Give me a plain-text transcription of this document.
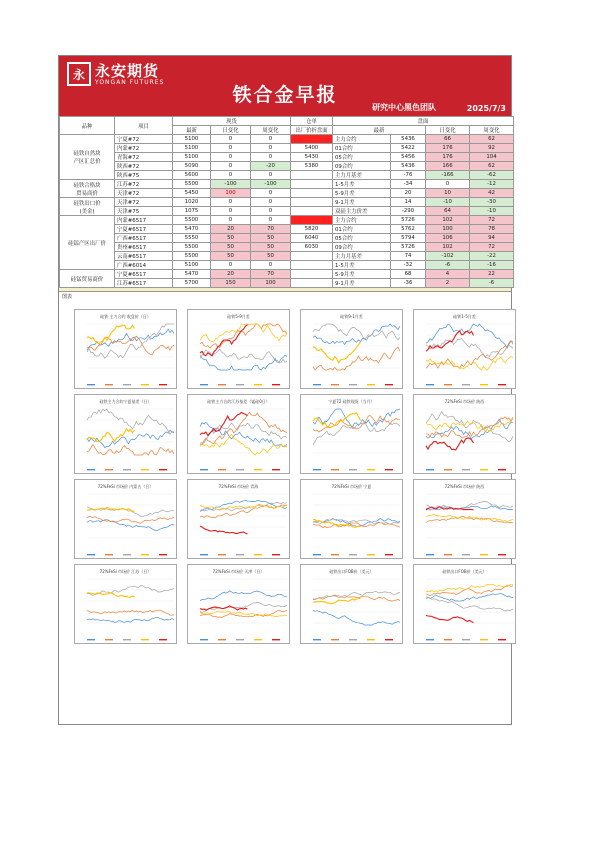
永 永安期货
YONGAN FUTURES
铁合金早报
研究中心黑色团队	2025/7/3
品种	项目	现货			仓单	盘面			
		最新	日变化	周变化	出厂价折盘面	最新		日变化	周变化
硅铁自然块
产区汇总价	宁夏#72	5100	0	0		主力合约	5436	66	62
	内蒙#72	5100	0	0	5400	01合约	5422	176	92
	青海#72	5100	0	0	5430	05合约	5456	176	104
	陕西#72	5090	0	-20	5380	09合约	5436	166	62
	陕西#75	5600	0	0		主力月基差	-76	-166	-62
硅铁合格块
贸易商价	江苏#72	5500	-100	-100		1-5月差	-34	0	-12
	天津#72	5450	100	0		5-9月差	20	10	42
硅铁出口价
(美金)	天津#72	1020	0	0		9-1月差	14	-10	-30
	天津#75	1075	0	0		双硅主力价差	-290	64	-10
硅锰产区出厂价	内蒙#6517	5500	0	0	5800	主力合约	5726	102	72
	宁夏#6517	5470	20	70	5820	01合约	5762	100	78
	广西#6517	5550	50	50	6040	05合约	5794	106	94
	贵州#6517	5500	50	50	6030	09合约	5726	102	72
	云南#6517	5500	50	50		主力月基差	74	-102	-22
	广西#6014	5100	0	0		1-5月差	-32	-6	-16
硅锰贸易商价	宁夏#6517	5470	20	70		5-9月差	68	4	22
	江苏#6517	5700	150	100		9-1月差	-36	2	-6
图表
硅铁 主力合约 收盘价（日）	硅铁5-9月差	硅铁9-1月差	硅铁1-5月差
硅铁主力合约宁夏基差（日）	硅铁主力合约江苏基差（锰硅0日）	宁夏72 硅铁现货（当月）	72%FeSi 市场价 陕西
72%FeSi 市场价 内蒙古（日）	72%FeSi 市场价 青海	72%FeSi 市场价 宁夏	72%FeSi 市场价 陕西
72%FeSi 市场价 江苏（日）	72%FeSi 市场价 天津（日）	硅铁出口FOB价（美元）	硅铁出口FOB价（美元）
